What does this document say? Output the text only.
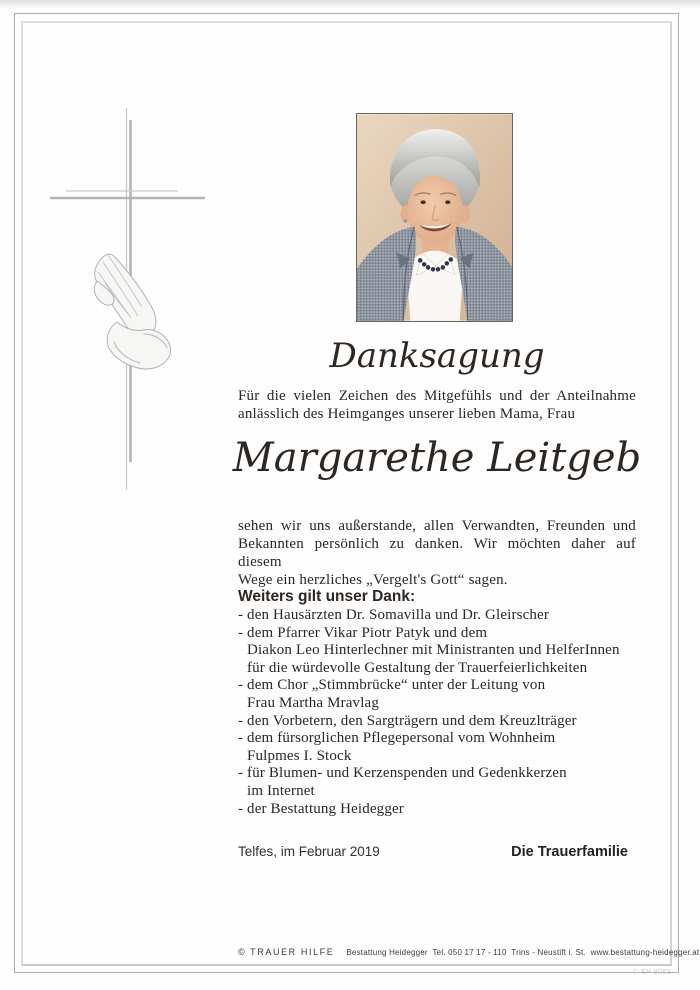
Danksagung
Für die vielen Zeichen des Mitgefühls und der Anteilnahme
anlässlich des Heimganges unserer lieben Mama, Frau
Margarethe Leitgeb
sehen wir uns außerstande, allen Verwandten, Freunden und
Bekannten persönlich zu danken. Wir möchten daher auf diesem
Wege ein herzliches „Vergelt's Gott“ sagen.
Weiters gilt unser Dank:
- den Hausärzten Dr. Somavilla und Dr. Gleirscher
- dem Pfarrer Vikar Piotr Patyk und dem
Diakon Leo Hinterlechner mit Ministranten und HelferInnen
für die würdevolle Gestaltung der Trauerfeierlichkeiten
- dem Chor „Stimmbrücke“ unter der Leitung von
Frau Martha Mravlag
- den Vorbetern, den Sargträgern und dem Kreuzlträger
- dem fürsorglichen Pflegepersonal vom Wohnheim
Fulpmes I. Stock
- für Blumen- und Kerzenspenden und Gedenkkerzen
im Internet
- der Bestattung Heidegger
Telfes, im Februar 2019	Die Trauerfamilie
© TRAUER HILFE Bestattung Heidegger  Tel. 050 17 17 - 110  Trins - Neustift i. St.  www.bestattung-heidegger.at
© EP 9065
